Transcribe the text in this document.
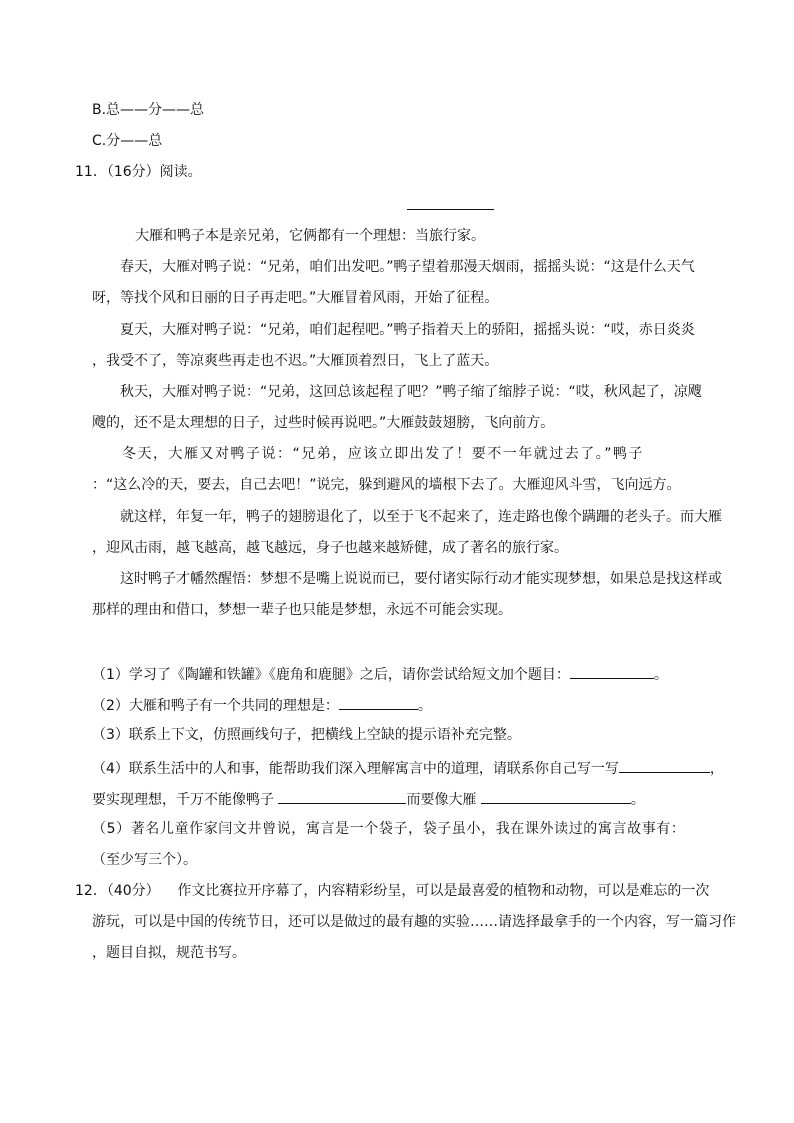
B.总——分——总
C.分——总
11．（16分）阅读。
大雁和鸭子本是亲兄弟，它俩都有一个理想：当旅行家。
春天，大雁对鸭子说：“兄弟，咱们出发吧。”鸭子望着那漫天烟雨，摇摇头说：“这是什么天气
呀，等找个风和日丽的日子再走吧。”大雁冒着风雨，开始了征程。
夏天，大雁对鸭子说：“兄弟，咱们起程吧。”鸭子指着天上的骄阳，摇摇头说：“哎，赤日炎炎
，我受不了，等凉爽些再走也不迟。”大雁顶着烈日，飞上了蓝天。
秋天，大雁对鸭子说：“兄弟，这回总该起程了吧？”鸭子缩了缩脖子说：“哎，秋风起了，凉飕
飕的，还不是太理想的日子，过些时候再说吧。”大雁鼓鼓翅膀，飞向前方。
冬天，大雁又对鸭子说：“兄弟，应该立即出发了！要不一年就过去了。”鸭子
：“这么冷的天，要去，自己去吧！”说完，躲到避风的墙根下去了。大雁迎风斗雪，飞向远方。
就这样，年复一年，鸭子的翅膀退化了，以至于飞不起来了，连走路也像个蹒跚的老头子。而大雁
，迎风击雨，越飞越高，越飞越远，身子也越来越矫健，成了著名的旅行家。
这时鸭子才幡然醒悟：梦想不是嘴上说说而已，要付诸实际行动才能实现梦想，如果总是找这样或
那样的理由和借口，梦想一辈子也只能是梦想，永远不可能会实现。
（1）学习了《陶罐和铁罐》《鹿角和鹿腿》之后，请你尝试给短文加个题目：	。
（2）大雁和鸭子有一个共同的理想是：	。
（3）联系上下文，仿照画线句子，把横线上空缺的提示语补充完整。
（4）联系生活中的人和事，能帮助我们深入理解寓言中的道理，请联系你自己写一写	，
要实现理想，千万不能像鸭子	而要像大雁	。
（5）著名儿童作家闫文井曾说，寓言是一个袋子，袋子虽小，我在课外读过的寓言故事有：
（至少写三个）。
12．（40分）    作文比赛拉开序幕了，内容精彩纷呈，可以是最喜爱的植物和动物，可以是难忘的一次
游玩，可以是中国的传统节日，还可以是做过的最有趣的实验……请选择最拿手的一个内容，写一篇习作
，题目自拟，规范书写。
